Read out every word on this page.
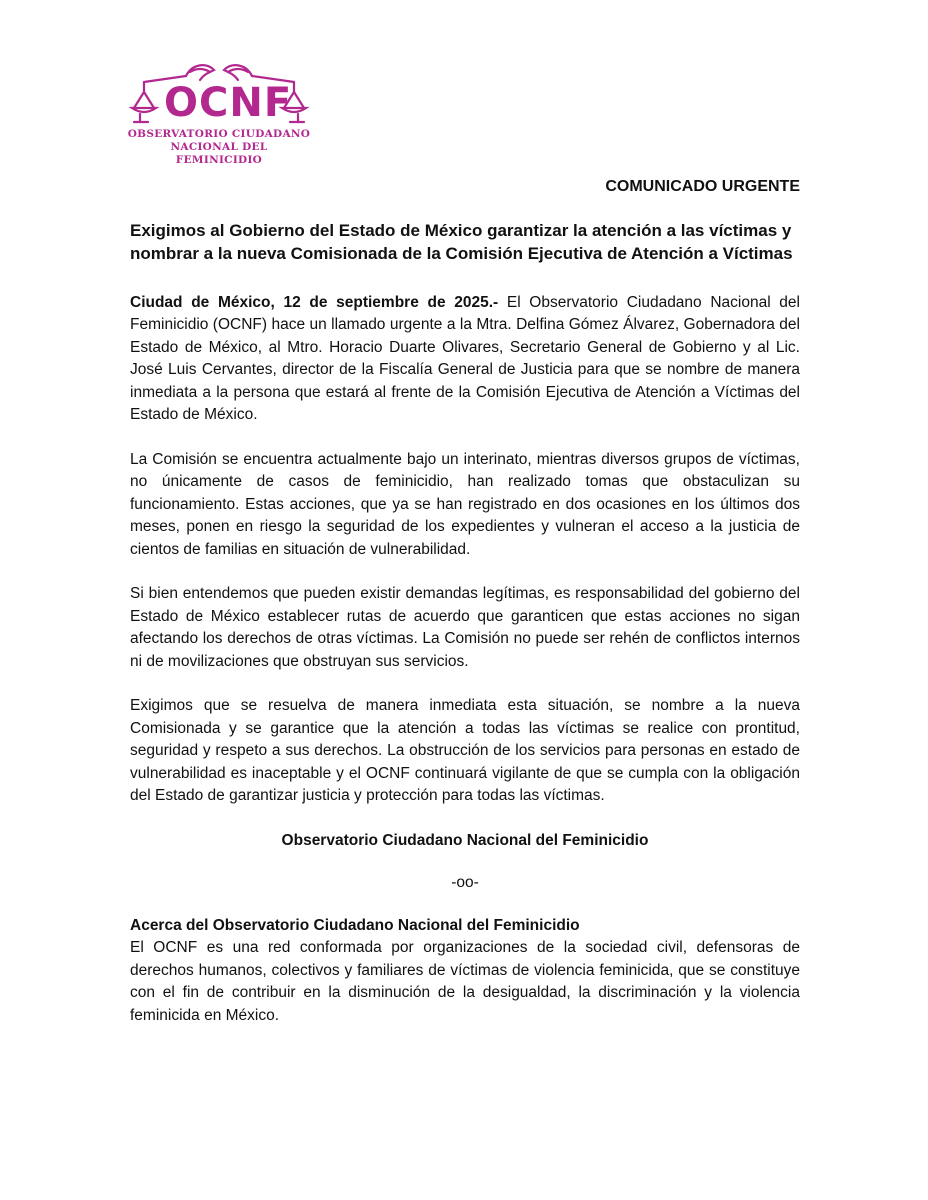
OCNF
OBSERVATORIO CIUDADANO
NACIONAL DEL FEMINICIDIO
COMUNICADO URGENTE
Exigimos al Gobierno del Estado de México garantizar la atención a las víctimas y nombrar a la nueva Comisionada de la Comisión Ejecutiva de Atención a Víctimas

Ciudad de México, 12 de septiembre de 2025.- El Observatorio Ciudadano Nacional del Feminicidio (OCNF) hace un llamado urgente a la Mtra. Delfina Gómez Álvarez, Gobernadora del Estado de México, al Mtro. Horacio Duarte Olivares, Secretario General de Gobierno y al Lic. José Luis Cervantes, director de la Fiscalía General de Justicia para que se nombre de manera inmediata a la persona que estará al frente de la Comisión Ejecutiva de Atención a Víctimas del Estado de México.

La Comisión se encuentra actualmente bajo un interinato, mientras diversos grupos de víctimas, no únicamente de casos de feminicidio, han realizado tomas que obstaculizan su funcionamiento. Estas acciones, que ya se han registrado en dos ocasiones en los últimos dos meses, ponen en riesgo la seguridad de los expedientes y vulneran el acceso a la justicia de cientos de familias en situación de vulnerabilidad.

Si bien entendemos que pueden existir demandas legítimas, es responsabilidad del gobierno del Estado de México establecer rutas de acuerdo que garanticen que estas acciones no sigan afectando los derechos de otras víctimas. La Comisión no puede ser rehén de conflictos internos ni de movilizaciones que obstruyan sus servicios.

Exigimos que se resuelva de manera inmediata esta situación, se nombre a la nueva Comisionada y se garantice que la atención a todas las víctimas se realice con prontitud, seguridad y respeto a sus derechos. La obstrucción de los servicios para personas en estado de vulnerabilidad es inaceptable y el OCNF continuará vigilante de que se cumpla con la obligación del Estado de garantizar justicia y protección para todas las víctimas.

Observatorio Ciudadano Nacional del Feminicidio
-oo-
Acerca del Observatorio Ciudadano Nacional del Feminicidio

El OCNF es una red conformada por organizaciones de la sociedad civil, defensoras de derechos humanos, colectivos y familiares de víctimas de violencia feminicida, que se constituye con el fin de contribuir en la disminución de la desigualdad, la discriminación y la violencia feminicida en México.
